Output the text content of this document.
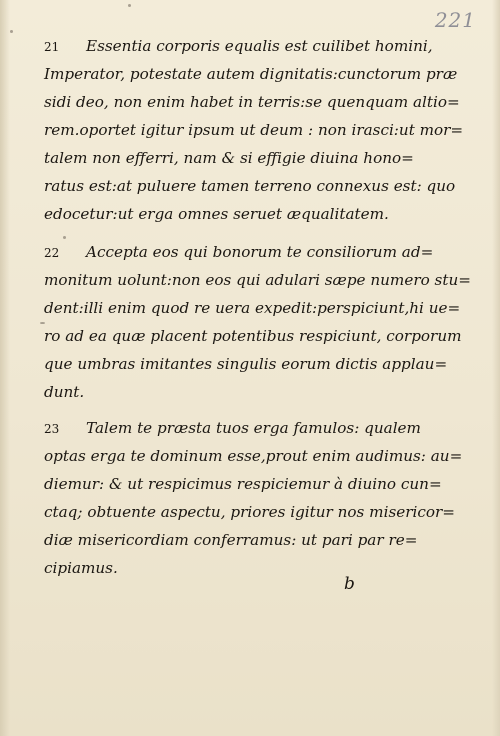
221
21 Essentia corporis equalis est cuilibet homini,
Imperator, potestate autem dignitatis:cunctorum præ
sidi deo, non enim habet in terris:se quenquam altio=
rem.oportet igitur ipsum ut deum : non irasci:ut mor=
talem non efferri, nam & si effigie diuina hono=
ratus est:at puluere tamen terreno connexus est: quo
edocetur:ut erga omnes seruet æqualitatem.
22 Accepta eos qui bonorum te consiliorum ad=
monitum uolunt:non eos qui adulari sæpe numero stu=
dent:illi enim quod re uera expedit:perspiciunt,hi ue=
ro ad ea quæ placent potentibus respiciunt, corporum
que umbras imitantes singulis eorum dictis applau=
dunt.
23 Talem te præsta tuos erga famulos: qualem
optas erga te dominum esse,prout enim audimus: au=
diemur: & ut respicimus respiciemur à diuino cun=
ctaq; obtuente aspectu, priores igitur nos misericor=
diæ misericordiam conferramus: ut pari par re=
cipiamus.
b
